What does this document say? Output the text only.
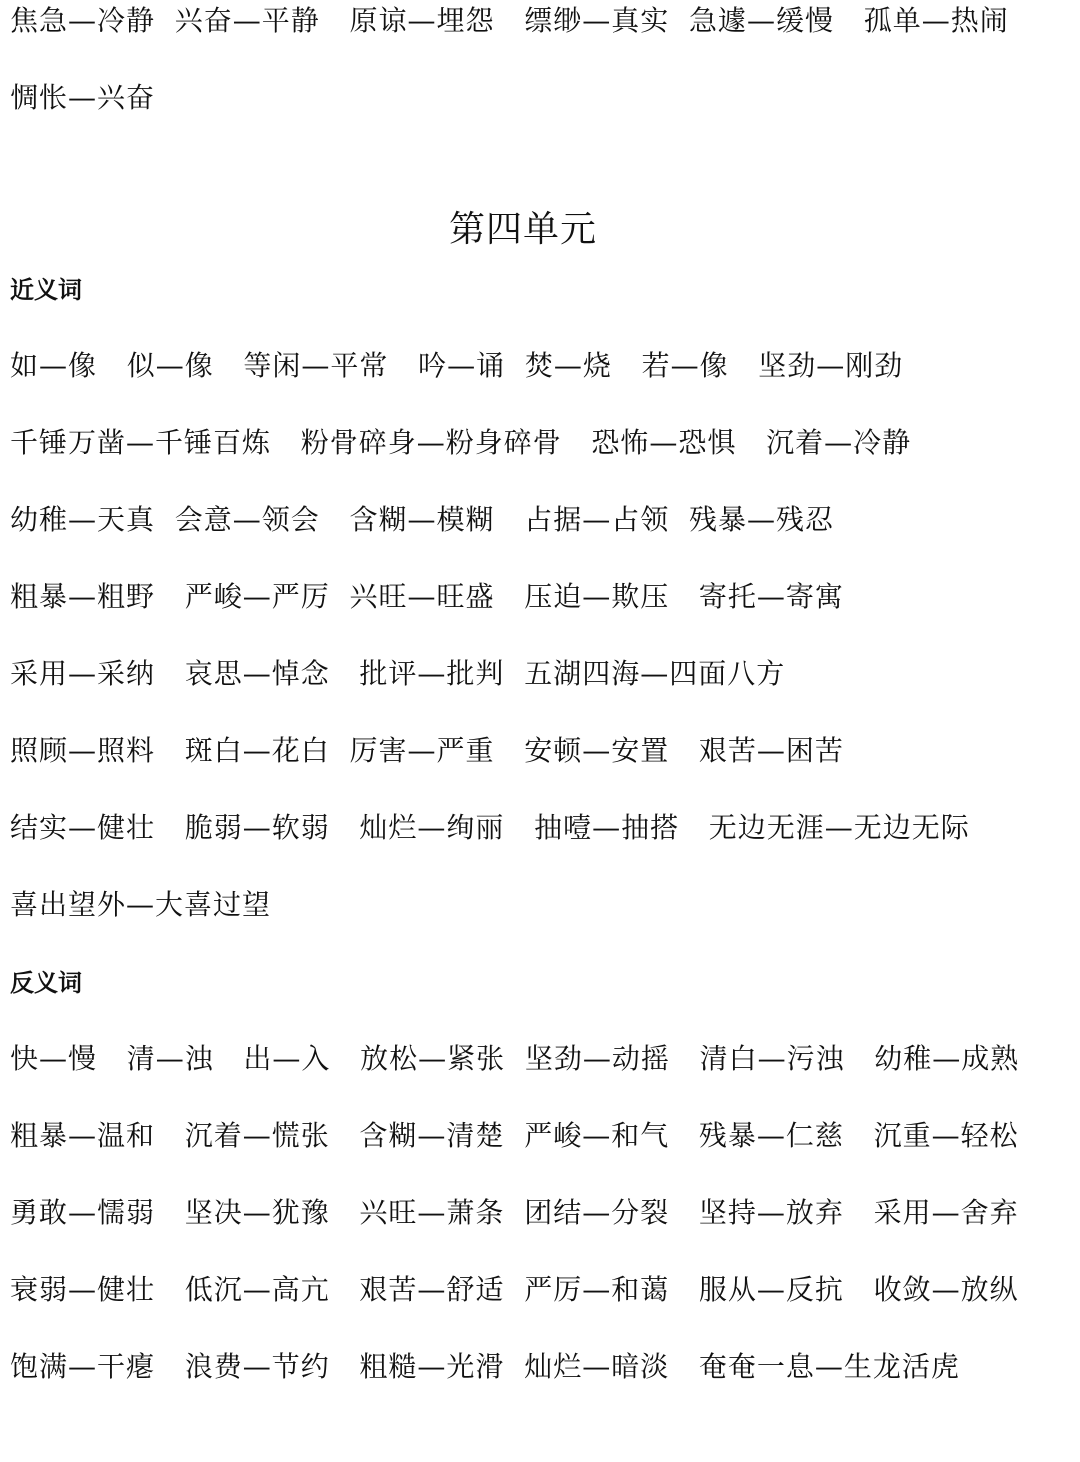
焦急—冷静  兴奋—平静   原谅—埋怨   缥缈—真实  急遽—缓慢   孤单—热闹
惆怅—兴奋
第四单元
近义词
如—像   似—像   等闲—平常   吟—诵  焚—烧   若—像   坚劲—刚劲
千锤万凿—千锤百炼   粉骨碎身—粉身碎骨   恐怖—恐惧   沉着—冷静
幼稚—天真  会意—领会   含糊—模糊   占据—占领  残暴—残忍
粗暴—粗野   严峻—严厉  兴旺—旺盛   压迫—欺压   寄托—寄寓
采用—采纳   哀思—悼念   批评—批判  五湖四海—四面八方
照顾—照料   斑白—花白  厉害—严重   安顿—安置   艰苦—困苦
结实—健壮   脆弱—软弱   灿烂—绚丽   抽噎—抽搭   无边无涯—无边无际
喜出望外—大喜过望
反义词
快—慢   清—浊   出—入   放松—紧张  坚劲—动摇   清白—污浊   幼稚—成熟
粗暴—温和   沉着—慌张   含糊—清楚  严峻—和气   残暴—仁慈   沉重—轻松
勇敢—懦弱   坚决—犹豫   兴旺—萧条  团结—分裂   坚持—放弃   采用—舍弃
衰弱—健壮   低沉—高亢   艰苦—舒适  严厉—和蔼   服从—反抗   收敛—放纵
饱满—干瘪   浪费—节约   粗糙—光滑  灿烂—暗淡   奄奄一息—生龙活虎
